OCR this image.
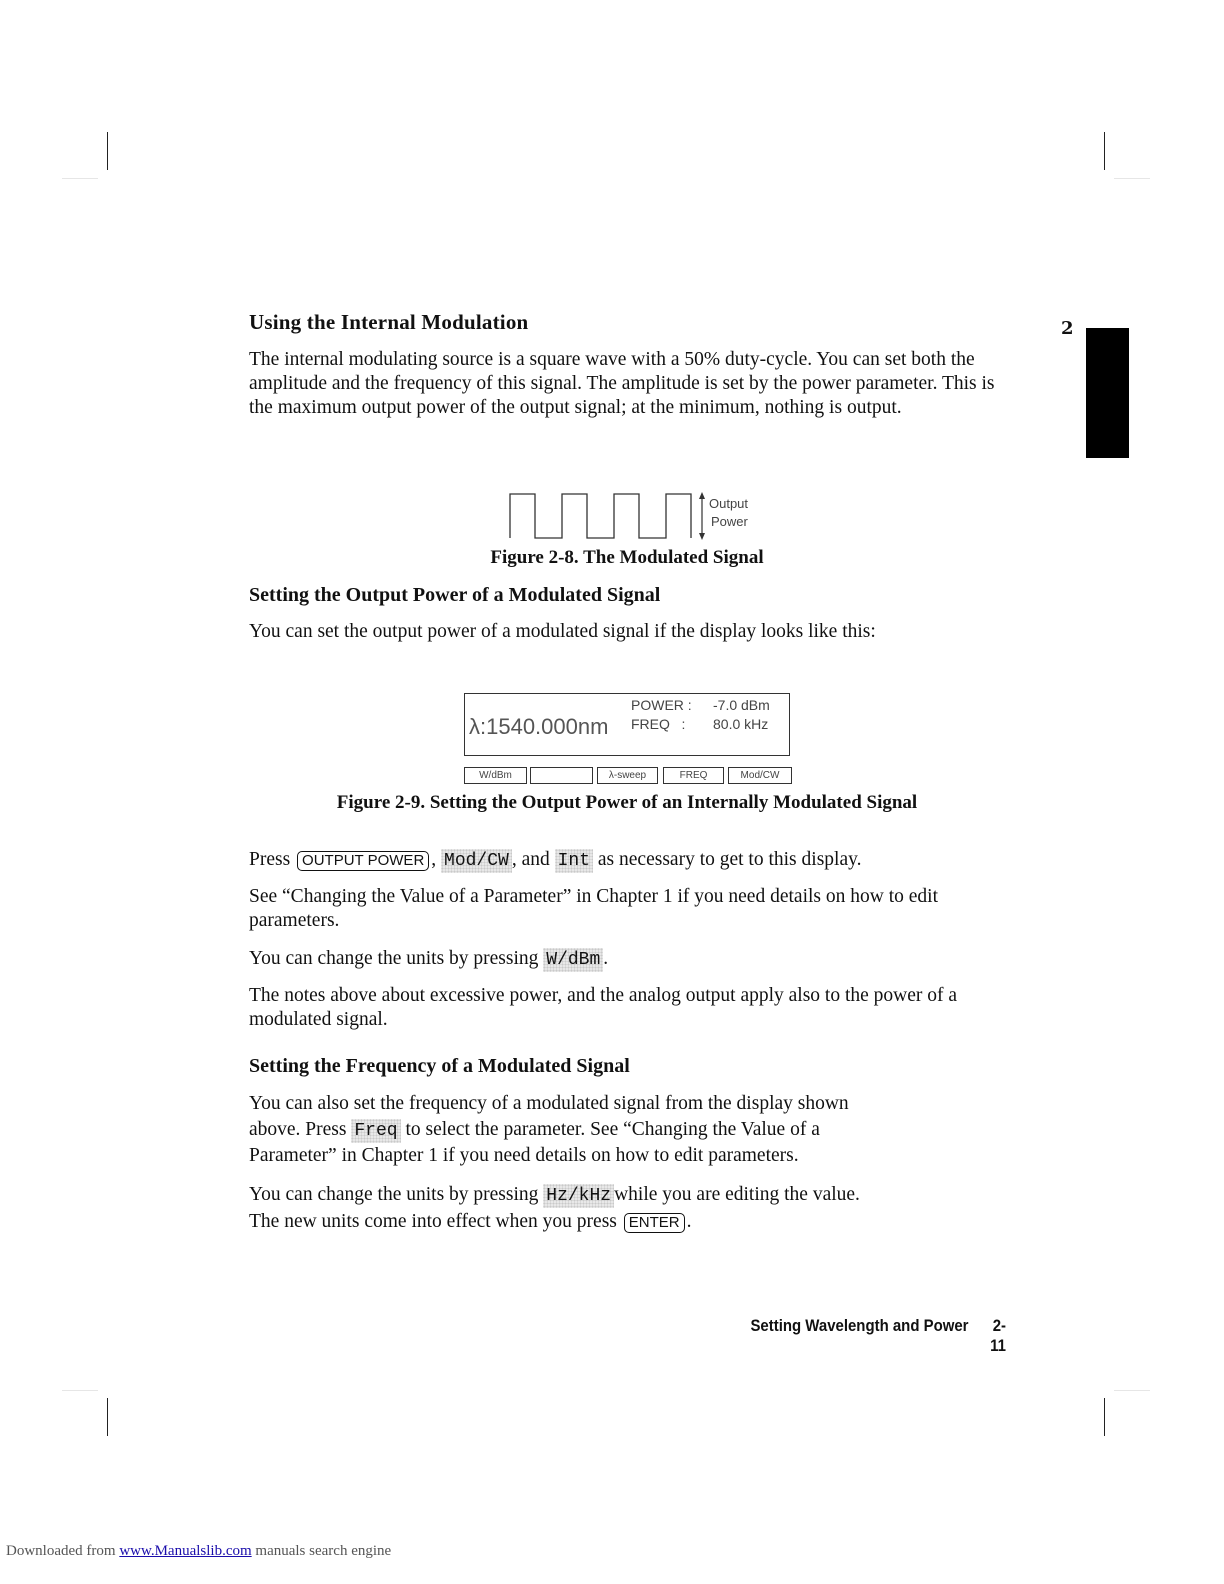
2
Using the Internal Modulation

The internal modulating source is a square wave with a 50% duty-cycle. You can set both the amplitude and the frequency of this signal. The amplitude is set by the power parameter. This is the maximum output power of the output signal; at the minimum, nothing is output.

Output
Power
Figure 2-8. The Modulated Signal
Setting the Output Power of a Modulated Signal

You can set the output power of a modulated signal if the display looks like this:

λ:1540.000nm
POWER : -7.0 dBm
FREQ   : 80.0 kHz
W/dBm	λ-sweep	FREQ	Mod/CW
Figure 2-9. Setting the Output Power of an Internally Modulated Signal

Press OUTPUT POWER , Mod/CW , and Int as necessary to get to this display.

See “Changing the Value of a Parameter” in Chapter 1 if you need details on how to edit parameters.

You can change the units by pressing W/dBm .

The notes above about excessive power, and the analog output apply also to the power of a modulated signal.

Setting the Frequency of a Modulated Signal

You can also set the frequency of a modulated signal from the display shown
above. Press Freq to select the parameter. See “Changing the Value of a
Parameter” in Chapter 1 if you need details on how to edit parameters.

You can change the units by pressing Hz/kHz while you are editing the value.
The new units come into effect when you press ENTER .

Setting Wavelength and Power 2-11
Downloaded from www.Manualslib.com manuals search engine
